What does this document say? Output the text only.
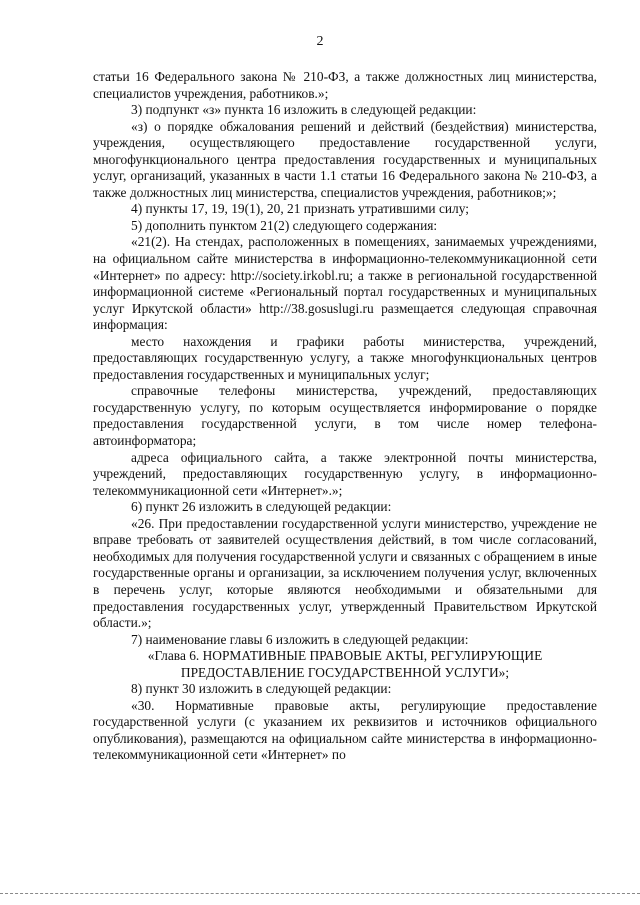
2

статьи 16 Федерального закона № 210-ФЗ, а также должностных лиц министерства, специалистов учреждения, работников.»;

3) подпункт «з» пункта 16 изложить в следующей редакции:

«з) о порядке обжалования решений и действий (бездействия) министерства, учреждения, осуществляющего предоставление государственной услуги, многофункционального центра предоставления государственных и муниципальных услуг, организаций, указанных в части 1.1 статьи 16 Федерального закона № 210-ФЗ, а также должностных лиц министерства, специалистов учреждения, работников;»;

4) пункты 17, 19, 19(1), 20, 21 признать утратившими силу;

5) дополнить пунктом 21(2) следующего содержания:

«21(2). На стендах, расположенных в помещениях, занимаемых учреждениями, на официальном сайте министерства в информационно-телекоммуникационной сети «Интернет» по адресу: http://society.irkobl.ru; а также в региональной государственной информационной системе «Региональный портал государственных и муниципальных услуг Иркутской области» http://38.gosuslugi.ru размещается следующая справочная информация:

место нахождения и графики работы министерства, учреждений, предоставляющих государственную услугу, а также многофункциональных центров предоставления государственных и муниципальных услуг;

справочные телефоны министерства, учреждений, предоставляющих государственную услугу, по которым осуществляется информирование о порядке предоставления государственной услуги, в том числе номер телефона-автоинформатора;

адреса официального сайта, а также электронной почты министерства, учреждений, предоставляющих государственную услугу, в информационно-телекоммуникационной сети «Интернет».»;

6) пункт 26 изложить в следующей редакции:

«26. При предоставлении государственной услуги министерство, учреждение не вправе требовать от заявителей осуществления действий, в том числе согласований, необходимых для получения государственной услуги и связанных с обращением в иные государственные органы и организации, за исключением получения услуг, включенных в перечень услуг, которые являются необходимыми и обязательными для предоставления государственных услуг, утвержденный Правительством Иркутской области.»;

7) наименование главы 6 изложить в следующей редакции:

«Глава 6. НОРМАТИВНЫЕ ПРАВОВЫЕ АКТЫ, РЕГУЛИРУЮЩИЕ ПРЕДОСТАВЛЕНИЕ ГОСУДАРСТВЕННОЙ УСЛУГИ»;

8) пункт 30 изложить в следующей редакции:

«30. Нормативные правовые акты, регулирующие предоставление государственной услуги (с указанием их реквизитов и источников официального опубликования), размещаются на официальном сайте министерства в информационно-телекоммуникационной сети «Интернет» по
